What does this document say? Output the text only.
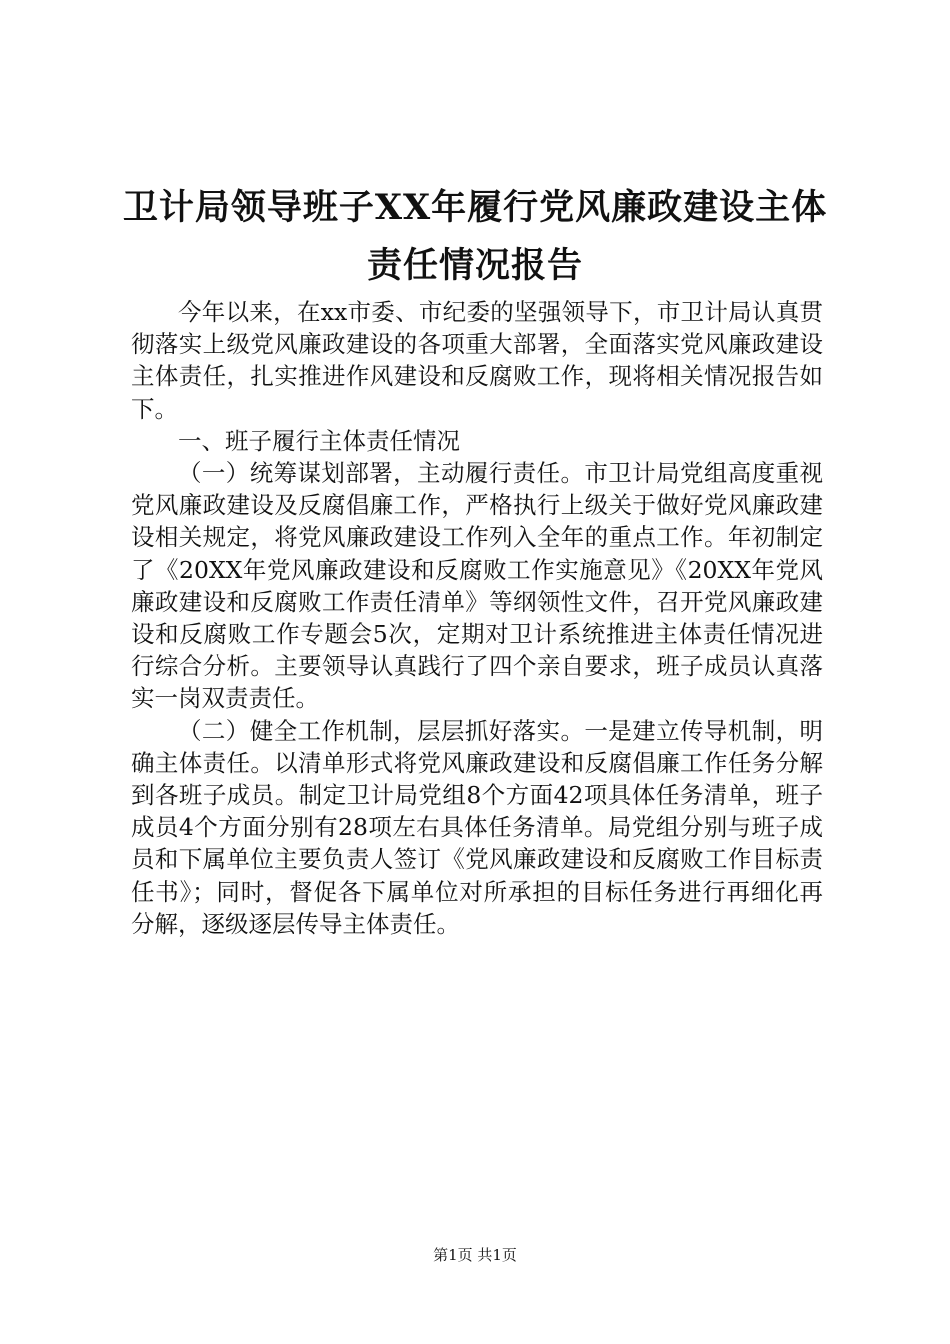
卫计局领导班子XX年履行党风廉政建设主体
责任情况报告

今年以来，在xx市委、市纪委的坚强领导下，市卫计局认真贯彻落实上级党风廉政建设的各项重大部署，全面落实党风廉政建设主体责任，扎实推进作风建设和反腐败工作，现将相关情况报告如下。

一、班子履行主体责任情况

（一）统筹谋划部署，主动履行责任。市卫计局党组高度重视党风廉政建设及反腐倡廉工作，严格执行上级关于做好党风廉政建设相关规定，将党风廉政建设工作列入全年的重点工作。年初制定了《20XX年党风廉政建设和反腐败工作实施意见》《20XX年党风廉政建设和反腐败工作责任清单》等纲领性文件，召开党风廉政建设和反腐败工作专题会5次，定期对卫计系统推进主体责任情况进行综合分析。主要领导认真践行了四个亲自要求，班子成员认真落实一岗双责责任。

（二）健全工作机制，层层抓好落实。一是建立传导机制，明确主体责任。以清单形式将党风廉政建设和反腐倡廉工作任务分解到各班子成员。制定卫计局党组8个方面42项具体任务清单，班子成员4个方面分别有28项左右具体任务清单。局党组分别与班子成员和下属单位主要负责人签订《党风廉政建设和反腐败工作目标责任书》；同时，督促各下属单位对所承担的目标任务进行再细化再分解，逐级逐层传导主体责任。

第1页 共1页
